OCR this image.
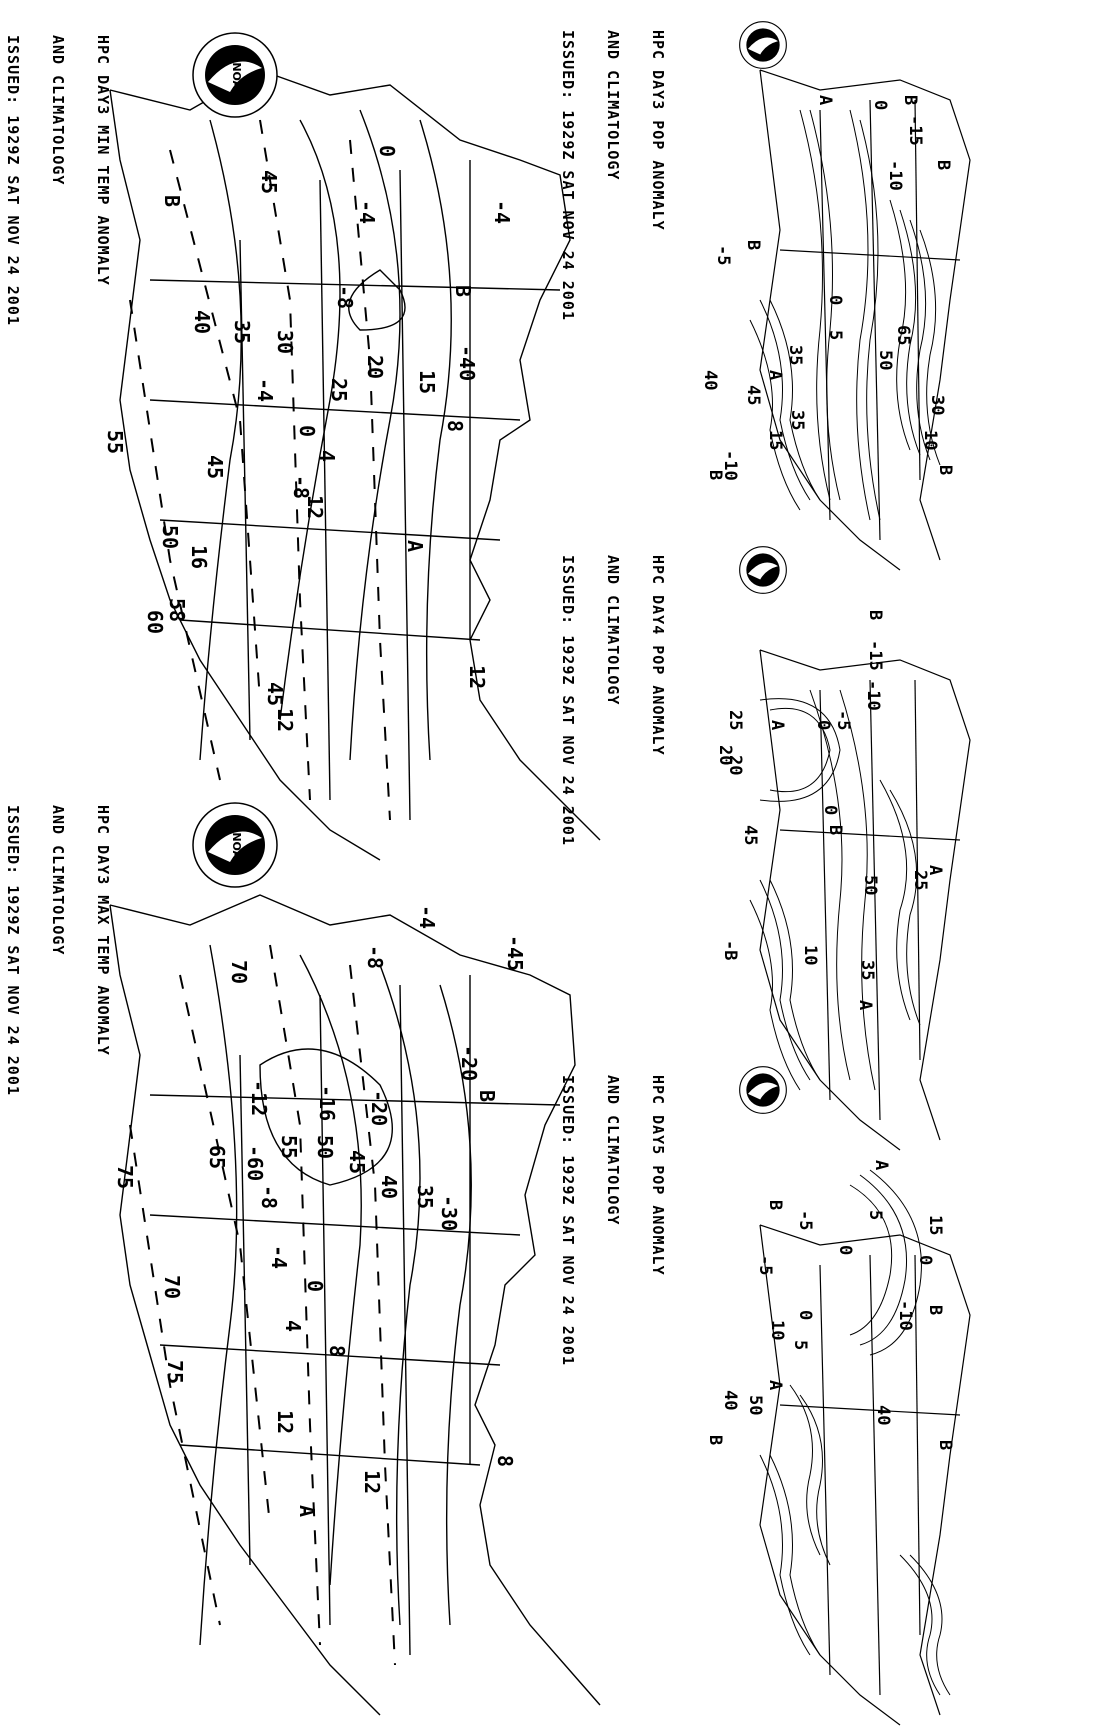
0
45
B	-4	-4
-8	B
40 35 30
-4	25
20
15
-40
8
0
4
55
45
-8
12
A
50
16
58
60
45
12
12
NOAA

HPC DAY3 MIN TEMP ANOMALY

AND CLIMATOLOGY

ISSUED: 1929Z SAT NOV 24 2001

-4
-45
70
-8
-20
B
-12 -16 -20
65 -60
-8
55 50
45
40 35 -30
75
-4
70	0
4
8
75
12
12
8
A
NOAA

HPC DAY3 MAX TEMP ANOMALY

AND CLIMATOLOGY

ISSUED: 1929Z SAT NOV 24 2001

A	B
-15
B
-10
0
B
-5
0
5	65
50
35
45
A
30
40
35
10
15
B
-10
B

HPC DAY3 POP ANOMALY

AND CLIMATOLOGY

ISSUED: 1929Z SAT NOV 24 2001

B
-15
-10
0 -5
A
25
20
20
0
B
45
50
A
25
35
10
-B
A

HPC DAY4 POP ANOMALY

AND CLIMATOLOGY

ISSUED: 1929Z SAT NOV 24 2001

A
B
-5	5
0
15
0
-5
-10 B
0
5
10
A
40 50	40
B	B

HPC DAY5 POP ANOMALY

AND CLIMATOLOGY

ISSUED: 1929Z SAT NOV 24 2001
